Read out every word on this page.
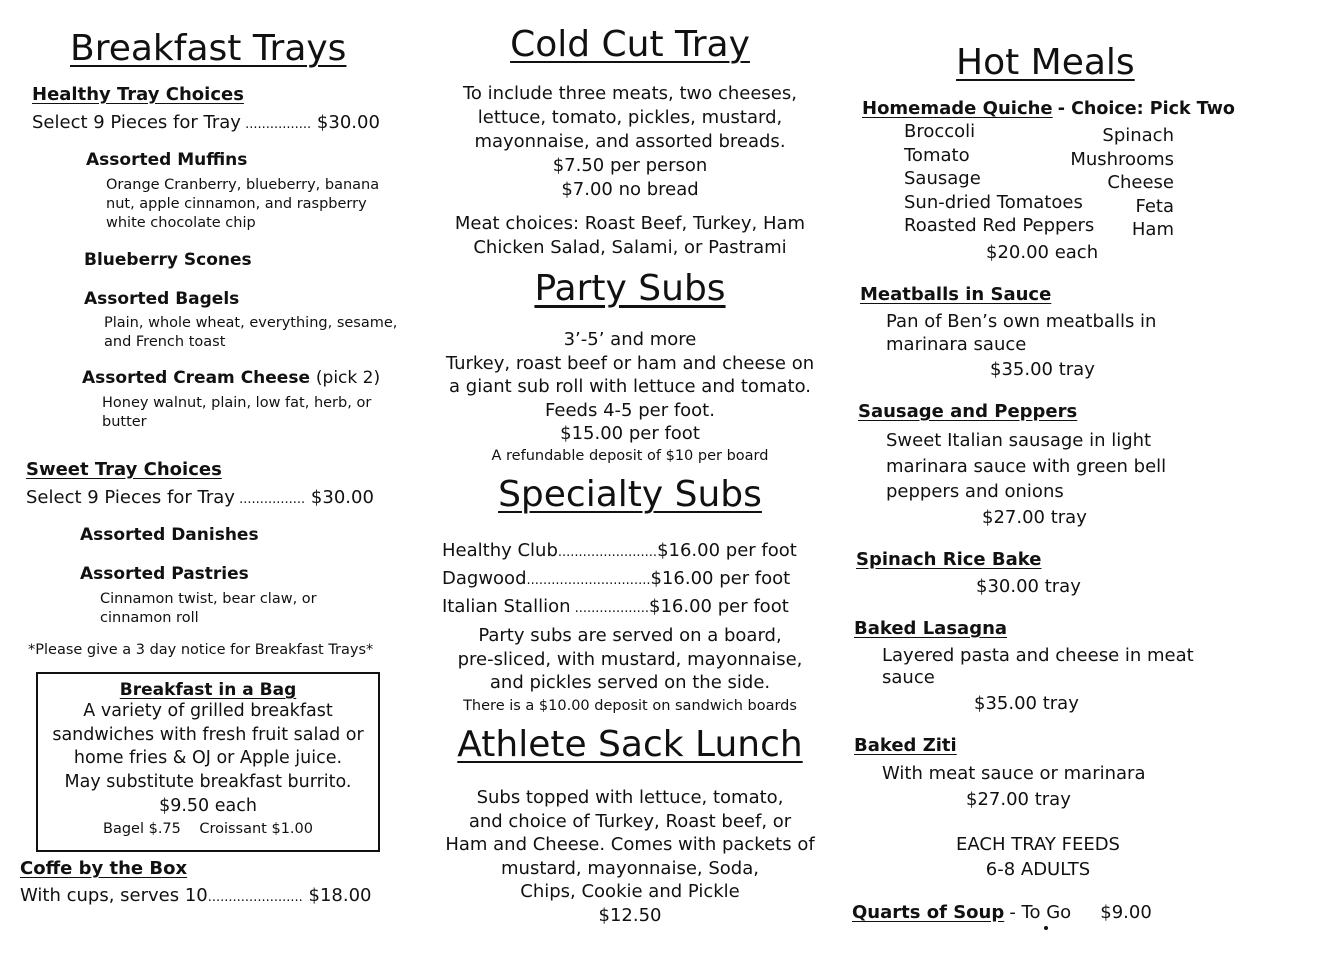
Breakfast Trays
Healthy Tray Choices
Select 9 Pieces for Tray ................ $30.00
Assorted Muffins
Orange Cranberry, blueberry, banana nut, apple cinnamon, and raspberry white chocolate chip
Blueberry Scones
Assorted Bagels
Plain, whole wheat, everything, sesame, and French toast
Assorted Cream Cheese (pick 2)
Honey walnut, plain, low fat, herb, or butter
Sweet Tray Choices
Select 9 Pieces for Tray ................ $30.00
Assorted Danishes
Assorted Pastries
Cinnamon twist, bear claw, or cinnamon roll
*Please give a 3 day notice for Breakfast Trays*
Breakfast in a Bag
A variety of grilled breakfast
sandwiches with fresh fruit salad or
home fries & OJ or Apple juice.
May substitute breakfast burrito.
$9.50 each
Bagel $.75 Croissant $1.00
Coffe by the Box
With cups, serves 10....................... $18.00
Cold Cut Tray
To include three meats, two cheeses,
lettuce, tomato, pickles, mustard,
mayonnaise, and assorted breads.
$7.50 per person
$7.00 no bread
Meat choices: Roast Beef, Turkey, Ham
Chicken Salad, Salami, or Pastrami
Party Subs
3’-5’ and more
Turkey, roast beef or ham and cheese on
a giant sub roll with lettuce and tomato.
Feeds 4-5 per foot.
$15.00 per foot
A refundable deposit of $10 per board
Specialty Subs
Healthy Club........................$16.00 per foot
Dagwood..............................$16.00 per foot
Italian Stallion ..................$16.00 per foot
Party subs are served on a board,
pre-sliced, with mustard, mayonnaise,
and pickles served on the side.
There is a $10.00 deposit on sandwich boards
Athlete Sack Lunch
Subs topped with lettuce, tomato,
and choice of Turkey, Roast beef, or
Ham and Cheese. Comes with packets of
mustard, mayonnaise, Soda,
Chips, Cookie and Pickle
$12.50
Hot Meals
Homemade Quiche - Choice: Pick Two
Broccoli
Tomato
Sausage
Sun-dried Tomatoes
Roasted Red Peppers
Spinach
Mushrooms
Cheese
Feta
Ham
$20.00 each
Meatballs in Sauce
Pan of Ben’s own meatballs in marinara sauce
$35.00 tray
Sausage and Peppers
Sweet Italian sausage in light
marinara sauce with green bell
peppers and onions
$27.00 tray
Spinach Rice Bake
$30.00 tray
Baked Lasagna
Layered pasta and cheese in meat sauce
$35.00 tray
Baked Ziti
With meat sauce or marinara
$27.00 tray
EACH TRAY FEEDS
6-8 ADULTS
Quarts of Soup - To Go $9.00
